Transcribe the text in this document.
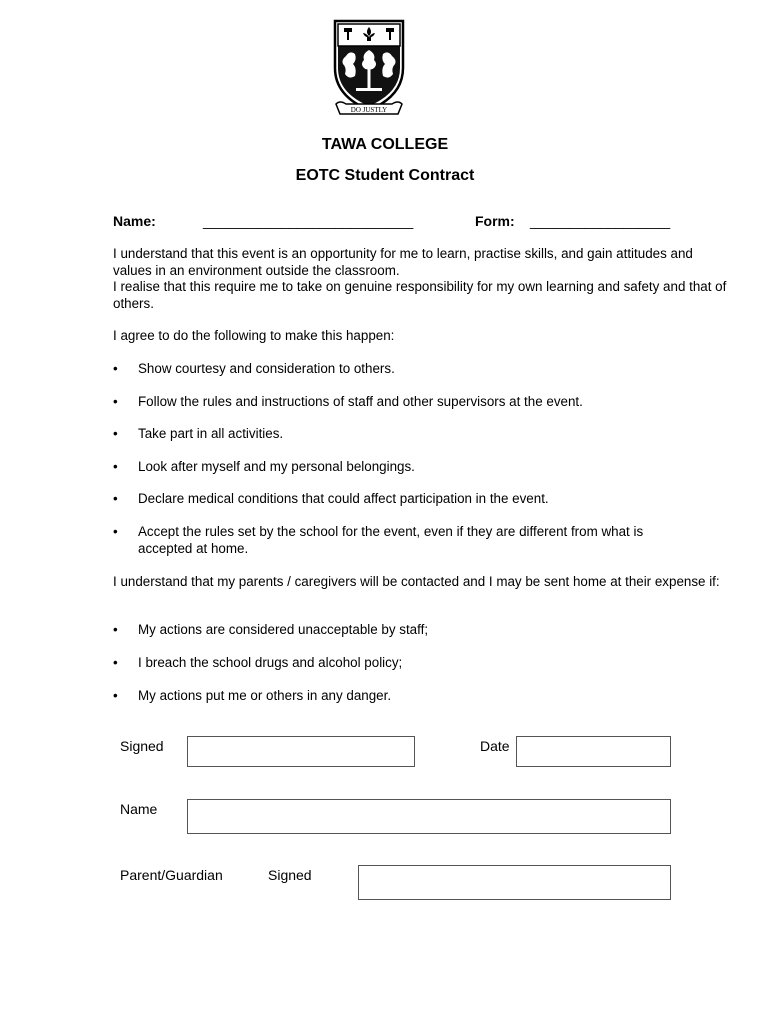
DO JUSTLY
TAWA COLLEGE
EOTC Student Contract
Name:	___________________________	Form: __________________
I understand that this event is an opportunity for me to learn, practise skills, and gain attitudes and values in an environment outside the classroom.
I realise that this require me to take on genuine responsibility for my own learning and safety and that of others.
I agree to do the following to make this happen:
• Show courtesy and consideration to others.
• Follow the rules and instructions of staff and other supervisors at the event.
• Take part in all activities.
• Look after myself and my personal belongings.
• Declare medical conditions that could affect participation in the event.
• Accept the rules set by the school for the event, even if they are different from what is accepted at home.
I understand that my parents / caregivers will be contacted and I may be sent home at their expense if:
• My actions are considered unacceptable by staff;
• I breach the school drugs and alcohol policy;
• My actions put me or others in any danger.
Signed	Date
Name
Parent/Guardian	Signed
